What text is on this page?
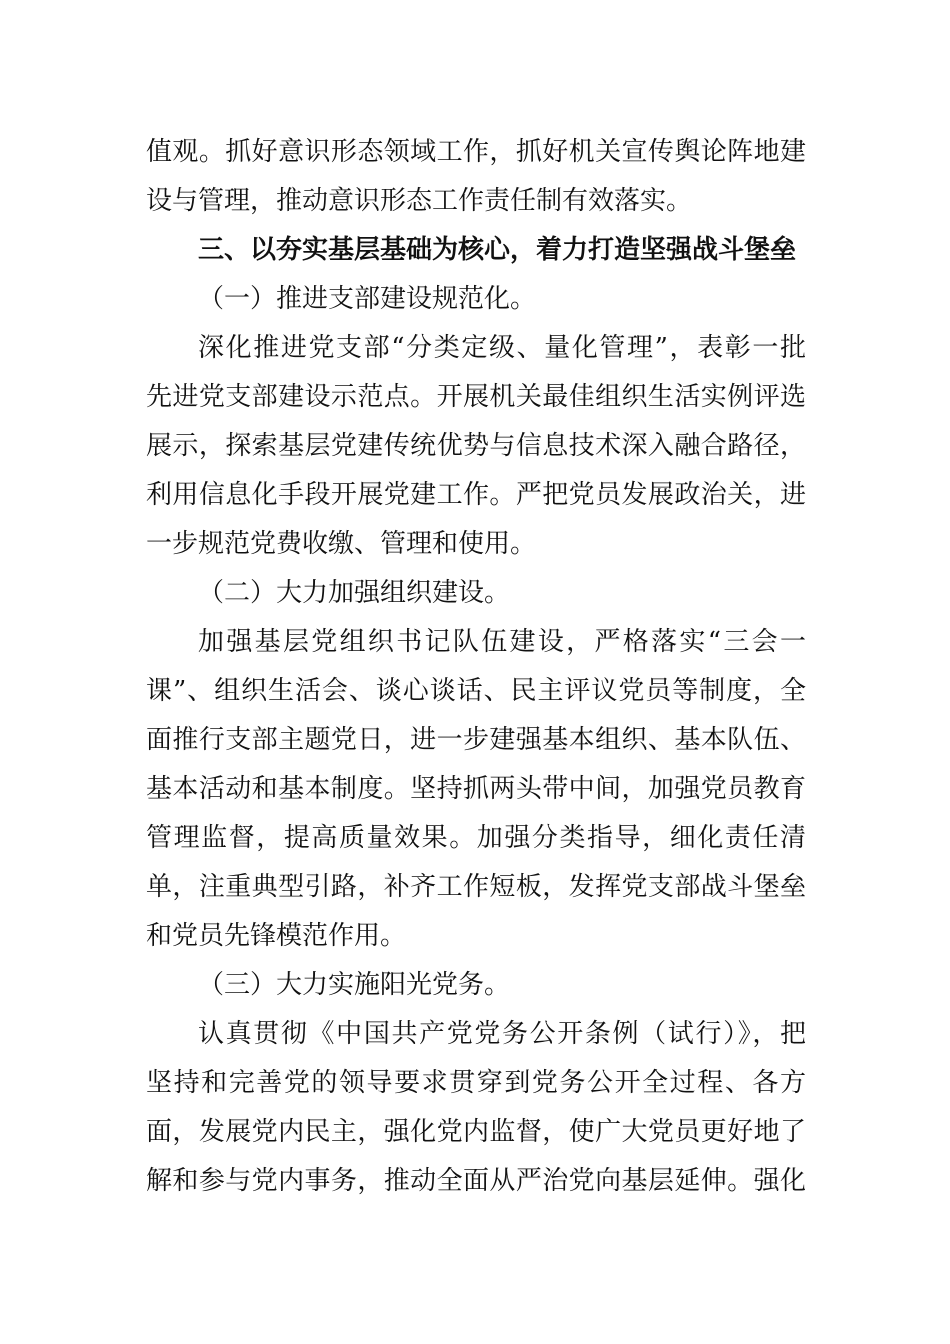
值观。抓好意识形态领域工作，抓好机关宣传舆论阵地建
设与管理，推动意识形态工作责任制有效落实。
三、以夯实基层基础为核心，着力打造坚强战斗堡垒
（一）推进支部建设规范化。
深化推进党支部“分类定级、量化管理”，表彰一批
先进党支部建设示范点。开展机关最佳组织生活实例评选
展示，探索基层党建传统优势与信息技术深入融合路径，
利用信息化手段开展党建工作。严把党员发展政治关，进
一步规范党费收缴、管理和使用。
（二）大力加强组织建设。
加强基层党组织书记队伍建设，严格落实“三会一
课”、组织生活会、谈心谈话、民主评议党员等制度，全
面推行支部主题党日，进一步建强基本组织、基本队伍、
基本活动和基本制度。坚持抓两头带中间，加强党员教育
管理监督，提高质量效果。加强分类指导，细化责任清
单，注重典型引路，补齐工作短板，发挥党支部战斗堡垒
和党员先锋模范作用。
（三）大力实施阳光党务。
认真贯彻《中国共产党党务公开条例（试行）》，把
坚持和完善党的领导要求贯穿到党务公开全过程、各方
面，发展党内民主，强化党内监督，使广大党员更好地了
解和参与党内事务，推动全面从严治党向基层延伸。强化
